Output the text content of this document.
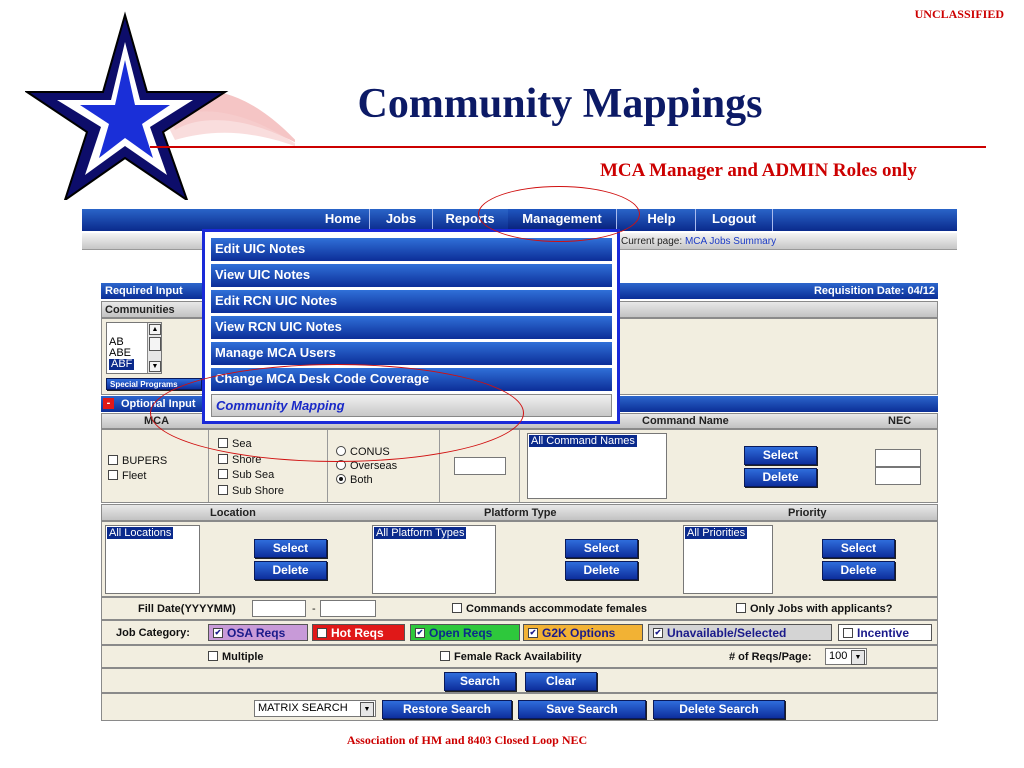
UNCLASSIFIED
Community Mappings
MCA Manager and ADMIN Roles only
Home	Jobs	Reports	Management	Help	Logout
Current page: MCA Jobs Summary
Required Input	Requisition Date: 04/12
Communities
AB
ABE
ABF
▲
▼
Special Programs
- Optional Input
MCA	Command Name	NEC
BUPERS
Fleet
Sea
Shore
Sub Sea
Sub Shore
CONUS
Overseas
Both
All Command Names
Select
Delete
Location	Platform Type	Priority
All Locations
Select
Delete
All Platform Types
Select
Delete
All Priorities
Select
Delete
Fill Date(YYYYMM)	-	Commands accommodate females	Only Jobs with applicants?
Job Category:	✔ OSA Reqs	✔ Hot Reqs	✔ Open Reqs	✔ G2K Options	✔ Unavailable/Selected	Incentive
Multiple	Female Rack Availability	# of Reqs/Page: 100	▼
Search	Clear
MATRIX SEARCH	▼	Restore Search	Save Search	Delete Search
Edit UIC Notes
View UIC Notes
Edit RCN UIC Notes
View RCN UIC Notes
Manage MCA Users
Change MCA Desk Code Coverage
Community Mapping
Association of HM and 8403 Closed Loop NEC
